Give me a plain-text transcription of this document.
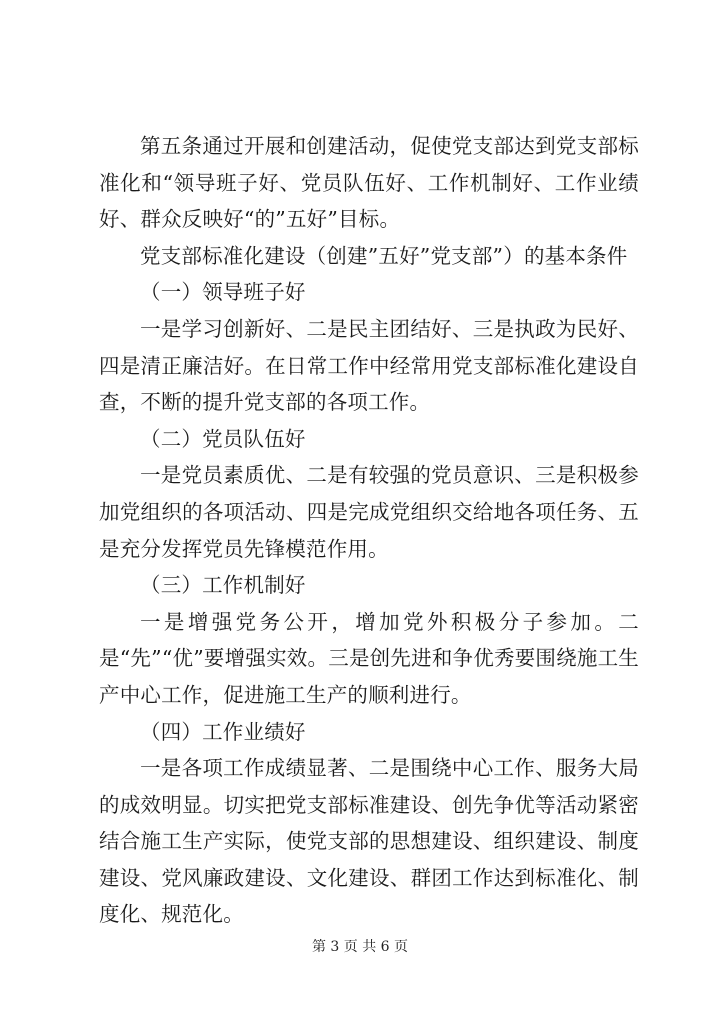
第五条通过开展和创建活动，促使党支部达到党支部标准化和“领导班子好、党员队伍好、工作机制好、工作业绩好、群众反映好“的”五好”目标。

党支部标准化建设（创建”五好”党支部”）的基本条件

（一）领导班子好

一是学习创新好、二是民主团结好、三是执政为民好、四是清正廉洁好。在日常工作中经常用党支部标准化建设自查，不断的提升党支部的各项工作。

（二）党员队伍好

一是党员素质优、二是有较强的党员意识、三是积极参加党组织的各项活动、四是完成党组织交给地各项任务、五是充分发挥党员先锋模范作用。

（三）工作机制好

一是增强党务公开，增加党外积极分子参加。二是“先”“优”要增强实效。三是创先进和争优秀要围绕施工生产中心工作，促进施工生产的顺利进行。

（四）工作业绩好

一是各项工作成绩显著、二是围绕中心工作、服务大局的成效明显。切实把党支部标准建设、创先争优等活动紧密结合施工生产实际，使党支部的思想建设、组织建设、制度建设、党风廉政建设、文化建设、群团工作达到标准化、制度化、规范化。

第 3 页 共 6 页
